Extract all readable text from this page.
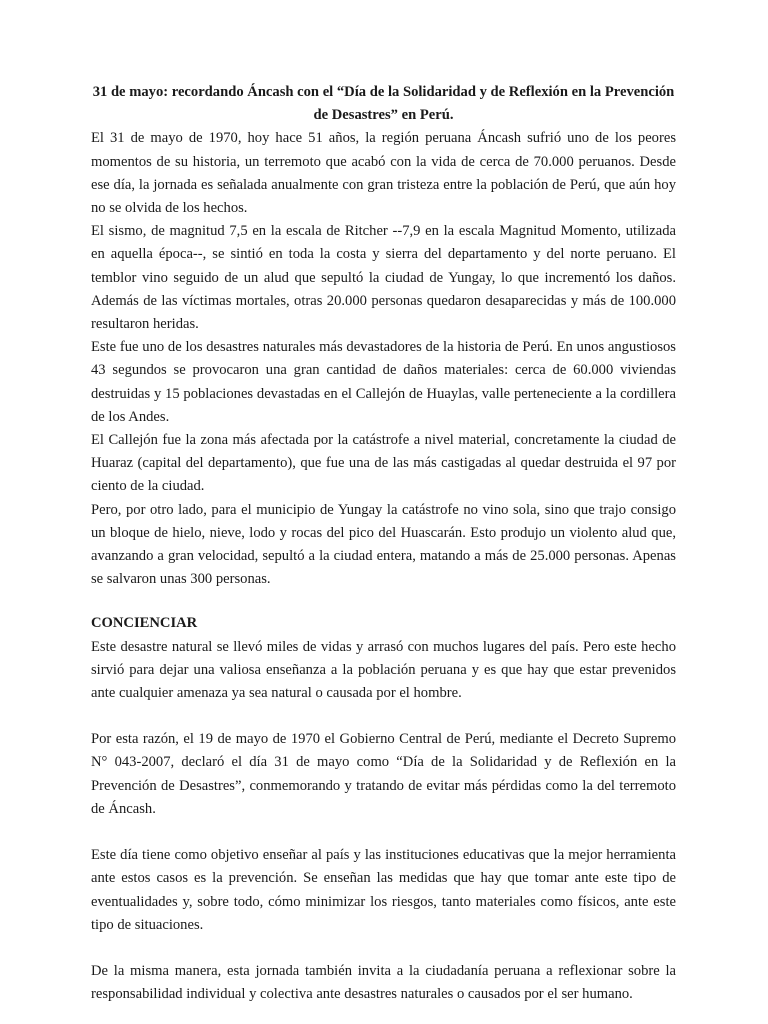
31 de mayo: recordando Áncash con el “Día de la Solidaridad y de Reflexión en la Prevención de Desastres” en Perú.

El 31 de mayo de 1970, hoy hace 51 años, la región peruana Áncash sufrió uno de los peores momentos de su historia, un terremoto que acabó con la vida de cerca de 70.000 peruanos. Desde ese día, la jornada es señalada anualmente con gran tristeza entre la población de Perú, que aún hoy no se olvida de los hechos.

El sismo, de magnitud 7,5 en la escala de Ritcher --7,9 en la escala Magnitud Momento, utilizada en aquella época--, se sintió en toda la costa y sierra del departamento y del norte peruano. El temblor vino seguido de un alud que sepultó la ciudad de Yungay, lo que incrementó los daños. Además de las víctimas mortales, otras 20.000 personas quedaron desaparecidas y más de 100.000 resultaron heridas.

Este fue uno de los desastres naturales más devastadores de la historia de Perú. En unos angustiosos 43 segundos se provocaron una gran cantidad de daños materiales: cerca de 60.000 viviendas destruidas y 15 poblaciones devastadas en el Callejón de Huaylas, valle perteneciente a la cordillera de los Andes.

El Callejón fue la zona más afectada por la catástrofe a nivel material, concretamente la ciudad de Huaraz (capital del departamento), que fue una de las más castigadas al quedar destruida el 97 por ciento de la ciudad.

Pero, por otro lado, para el municipio de Yungay la catástrofe no vino sola, sino que trajo consigo un bloque de hielo, nieve, lodo y rocas del pico del Huascarán. Esto produjo un violento alud que, avanzando a gran velocidad, sepultó a la ciudad entera, matando a más de 25.000 personas. Apenas se salvaron unas 300 personas.

CONCIENCIAR

Este desastre natural se llevó miles de vidas y arrasó con muchos lugares del país. Pero este hecho sirvió para dejar una valiosa enseñanza a la población peruana y es que hay que estar prevenidos ante cualquier amenaza ya sea natural o causada por el hombre.

Por esta razón, el 19 de mayo de 1970 el Gobierno Central de Perú, mediante el Decreto Supremo N° 043-2007, declaró el día 31 de mayo como “Día de la Solidaridad y de Reflexión en la Prevención de Desastres”, conmemorando y tratando de evitar más pérdidas como la del terremoto de Áncash.

Este día tiene como objetivo enseñar al país y las instituciones educativas que la mejor herramienta ante estos casos es la prevención. Se enseñan las medidas que hay que tomar ante este tipo de eventualidades y, sobre todo, cómo minimizar los riesgos, tanto materiales como físicos, ante este tipo de situaciones.

De la misma manera, esta jornada también invita a la ciudadanía peruana a reflexionar sobre la responsabilidad individual y colectiva ante desastres naturales o causados por el ser humano.
